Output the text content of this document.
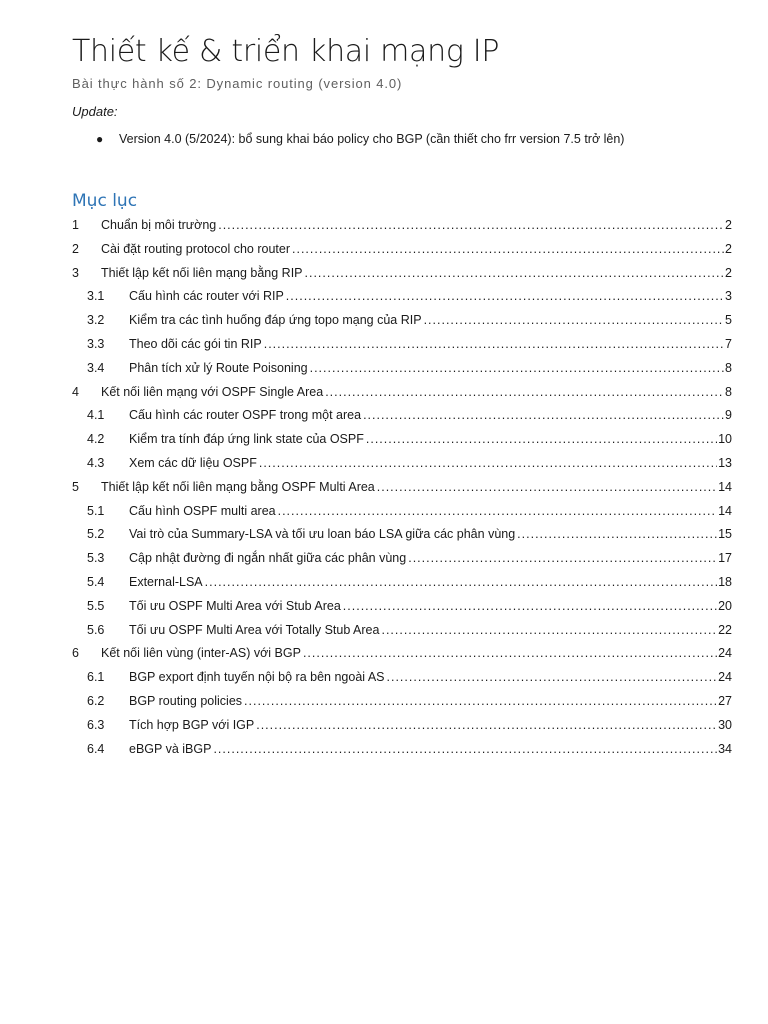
Thiết kế & triển khai mạng IP
Bài thực hành số 2: Dynamic routing (version 4.0)
Update:
● Version 4.0 (5/2024): bổ sung khai báo policy cho BGP (cần thiết cho frr version 7.5 trở lên)
Mục lục
1	Chuẩn bị môi trường .....	2
2	Cài đặt routing protocol cho router .....	2
3	Thiết lập kết nối liên mạng bằng RIP .....	2
3.1	Cấu hình các router với RIP .....	3
3.2	Kiểm tra các tình huống đáp ứng topo mạng của RIP .....	5
3.3	Theo dõi các gói tin RIP .....	7
3.4	Phân tích xử lý Route Poisoning .....	8
4	Kết nối liên mạng với OSPF Single Area .....	8
4.1	Cấu hình các router OSPF trong một area .....	9
4.2	Kiểm tra tính đáp ứng link state của OSPF .....	10
4.3	Xem các dữ liệu OSPF .....	13
5	Thiết lập kết nối liên mạng bằng OSPF Multi Area .....	14
5.1	Cấu hình OSPF multi area .....	14
5.2	Vai trò của Summary-LSA và tối ưu loan báo LSA giữa các phân vùng .....	15
5.3	Cập nhật đường đi ngắn nhất giữa các phân vùng .....	17
5.4	External-LSA .....	18
5.5	Tối ưu OSPF Multi Area với Stub Area .....	20
5.6	Tối ưu OSPF Multi Area với Totally Stub Area .....	22
6	Kết nối liên vùng (inter-AS) với BGP .....	24
6.1	BGP export định tuyến nội bộ ra bên ngoài AS .....	24
6.2	BGP routing policies .....	27
6.3	Tích hợp BGP với IGP .....	30
6.4	eBGP và iBGP .....	34
